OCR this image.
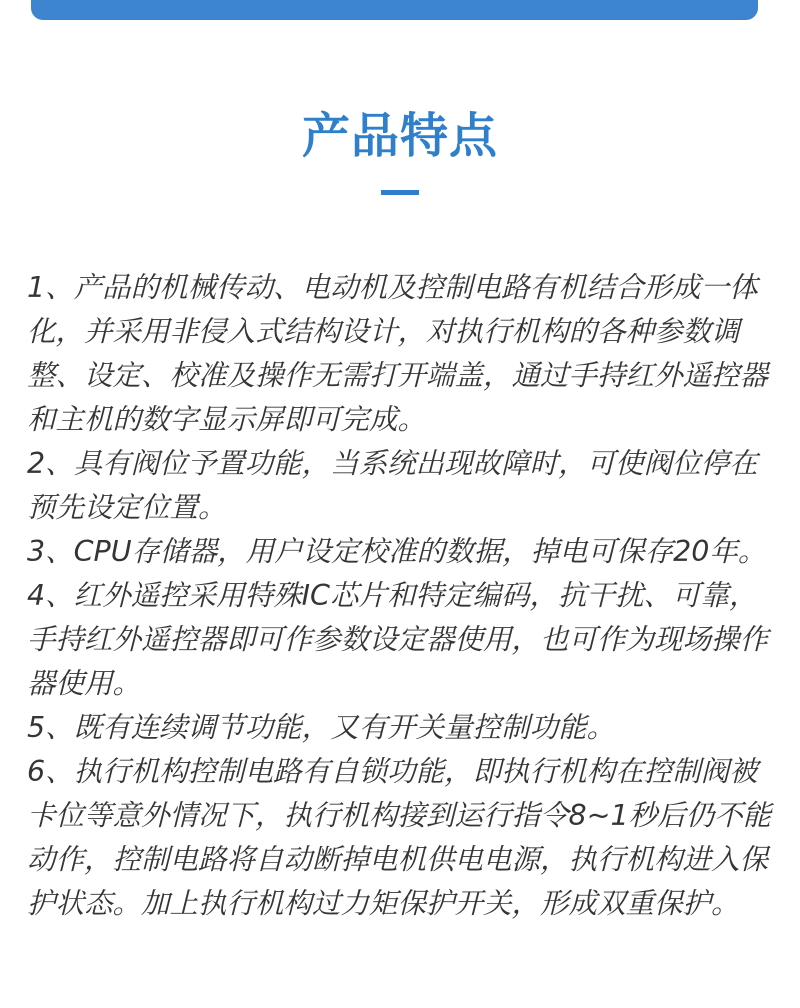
产品特点

1、产品的机械传动、电动机及控制电路有机结合形成一体化，并采用非侵入式结构设计，对执行机构的各种参数调整、设定、校准及操作无需打开端盖，通过手持红外遥控器和主机的数字显示屏即可完成。

2、具有阀位予置功能，当系统出现故障时，可使阀位停在预先设定位置。

3、CPU存储器，用户设定校准的数据，掉电可保存20年。

4、红外遥控采用特殊IC芯片和特定编码，抗干扰、可靠，手持红外遥控器即可作参数设定器使用，也可作为现场操作器使用。

5、既有连续调节功能，又有开关量控制功能。

6、执行机构控制电路有自锁功能，即执行机构在控制阀被卡位等意外情况下，执行机构接到运行指令8~1秒后仍不能动作，控制电路将自动断掉电机供电电源，执行机构进入保护状态。加上执行机构过力矩保护开关，形成双重保护。
